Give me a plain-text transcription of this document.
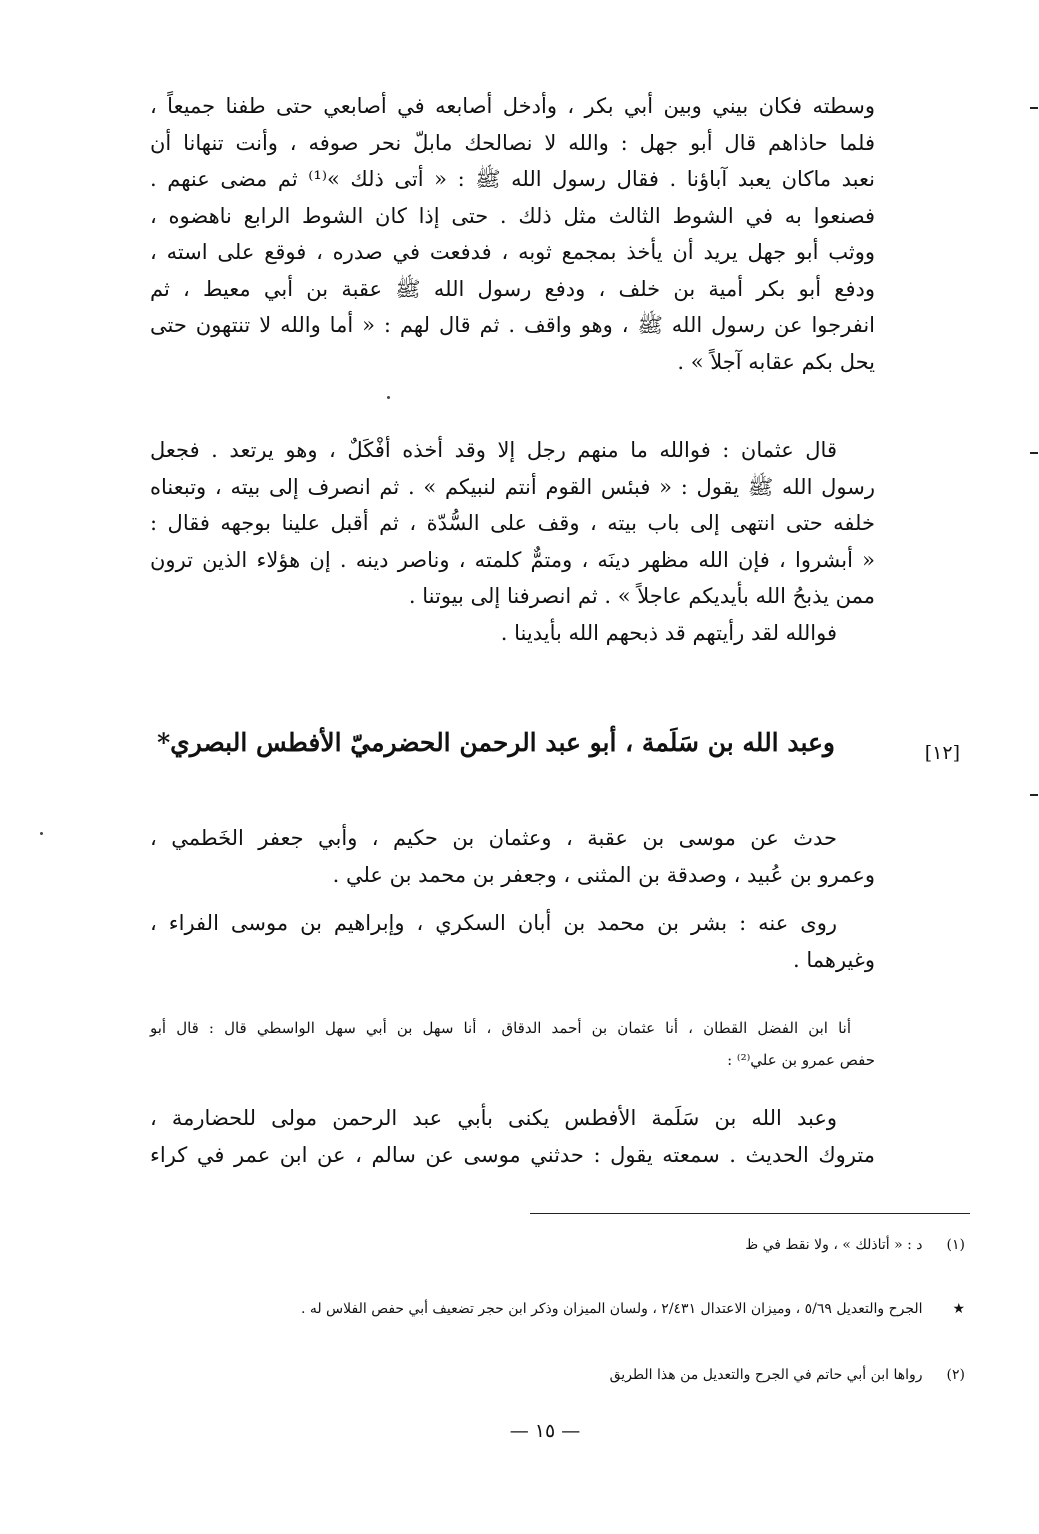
وسطته فكان بيني وبين أبي بكر ، وأدخل أصابعه في أصابعي حتى طفنا جميعاً ،
فلما حاذاهم قال أبو جهل : والله لا نصالحك مابلّ نحر صوفه ، وأنت تنهانا أن
نعبد ماكان يعبد آباؤنا . فقال رسول الله ﷺ : « أتى ذلك »⁽¹⁾ ثم مضى عنهم .
فصنعوا به في الشوط الثالث مثل ذلك . حتى إذا كان الشوط الرابع ناهضوه ،
ووثب أبو جهل يريد أن يأخذ بمجمع ثوبه ، فدفعت في صدره ، فوقع على استه ،
ودفع أبو بكر أمية بن خلف ، ودفع رسول الله ﷺ عقبة بن أبي معيط ، ثم
انفرجوا عن رسول الله ﷺ ، وهو واقف . ثم قال لهم : « أما والله لا تنتهون حتى
يحل بكم عقابه آجلاً » .
قال عثمان : فوالله ما منهم رجل إلا وقد أخذه أفْكَلٌ ، وهو يرتعد . فجعل
رسول الله ﷺ يقول : « فبئس القوم أنتم لنبيكم » . ثم انصرف إلى بيته ، وتبعناه
خلفه حتى انتهى إلى باب بيته ، وقف على السُّدّة ، ثم أقبل علينا بوجهه فقال :
« أبشروا ، فإن الله مظهر دينَه ، ومتمٌّ كلمته ، وناصر دينه . إن هؤلاء الذين ترون
ممن يذبحُ الله بأيديكم عاجلاً » . ثم انصرفنا إلى بيوتنا .
فوالله لقد رأيتهم قد ذبحهم الله بأيدينا .
[١٢]
وعبد الله بن سَلَمة ، أبو عبد الرحمن الحضرميّ الأفطس البصري*
حدث عن موسى بن عقبة ، وعثمان بن حكيم ، وأبي جعفر الخَطمي ،
وعمرو بن عُبيد ، وصدقة بن المثنى ، وجعفر بن محمد بن علي .
روى عنه : بشر بن محمد بن أبان السكري ، وإبراهيم بن موسى الفراء ،
وغيرهما .
أنا ابن الفضل القطان ، أنا عثمان بن أحمد الدقاق ، أنا سهل بن أبي سهل الواسطي قال : قال أبو
حفص عمرو بن علي⁽²⁾ :
وعبد الله بن سَلَمة الأفطس يكنى بأبي عبد الرحمن مولى للحضارمة ،
متروك الحديث . سمعته يقول : حدثني موسى عن سالم ، عن ابن عمر في كراء
(١) د : « أتاذلك » ، ولا نقط في ظ
★ الجرح والتعديل ٥/٦٩ ، وميزان الاعتدال ٢/٤٣١ ، ولسان الميزان وذكر ابن حجر تضعيف أبي حفص الفلاس له .
(٢) رواها ابن أبي حاتم في الجرح والتعديل من هذا الطريق
— ١٥ —
